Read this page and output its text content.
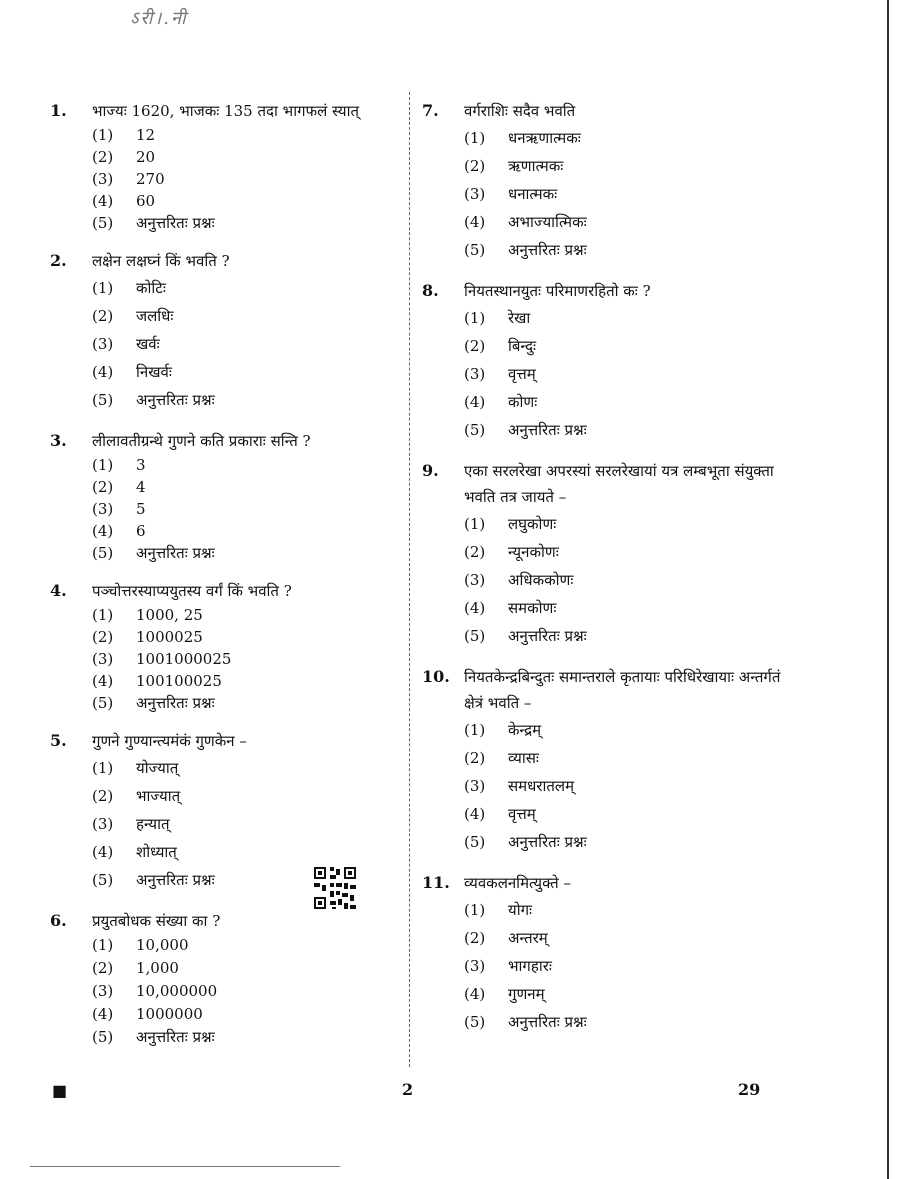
ऽरी।.नी
1.	भाज्यः 1620, भाजकः 135 तदा भागफलं स्यात्
(1)	12
(2)	20
(3)	270
(4)	60
(5)	अनुत्तरितः प्रश्नः
2.	लक्षेन लक्षघ्नं किं भवति ?
(1)	कोटिः
(2)	जलधिः
(3)	खर्वः
(4)	निखर्वः
(5)	अनुत्तरितः प्रश्नः
3.	लीलावतीग्रन्थे गुणने कति प्रकाराः सन्ति ?
(1)	3
(2)	4
(3)	5
(4)	6
(5)	अनुत्तरितः प्रश्नः
4.	पञ्चोत्तरस्याप्ययुतस्य वर्गं किं भवति ?
(1)	1000, 25
(2)	1000025
(3)	1001000025
(4)	100100025
(5)	अनुत्तरितः प्रश्नः
5.	गुणने गुण्यान्त्यमंकं गुणकेन –
(1)	योज्यात्
(2)	भाज्यात्
(3)	हन्यात्
(4)	शोध्यात्
(5)	अनुत्तरितः प्रश्नः
6.	प्रयुतबोधक संख्या का ?
(1)	10,000
(2)	1,000
(3)	10,000000
(4)	1000000
(5)	अनुत्तरितः प्रश्नः
7.	वर्गराशिः सदैव भवति
(1)	धनऋणात्मकः
(2)	ऋणात्मकः
(3)	धनात्मकः
(4)	अभाज्यात्मिकः
(5)	अनुत्तरितः प्रश्नः
8.	नियतस्थानयुतः परिमाणरहितो कः ?
(1)	रेखा
(2)	बिन्दुः
(3)	वृत्तम्
(4)	कोणः
(5)	अनुत्तरितः प्रश्नः
9.	एका सरलरेखा अपरस्यां सरलरेखायां यत्र लम्बभूता संयुक्ता भवति तत्र जायते –
(1)	लघुकोणः
(2)	न्यूनकोणः
(3)	अधिककोणः
(4)	समकोणः
(5)	अनुत्तरितः प्रश्नः
10. नियतकेन्द्रबिन्दुतः समान्तराले कृतायाः परिधिरेखायाः अन्तर्गतं क्षेत्रं भवति –
(1)	केन्द्रम्
(2)	व्यासः
(3)	समधरातलम्
(4)	वृत्तम्
(5)	अनुत्तरितः प्रश्नः
11. व्यवकलनमित्युक्ते –
(1)	योगः
(2)	अन्तरम्
(3)	भागहारः
(4)	गुणनम्
(5)	अनुत्तरितः प्रश्नः
■	2	29
